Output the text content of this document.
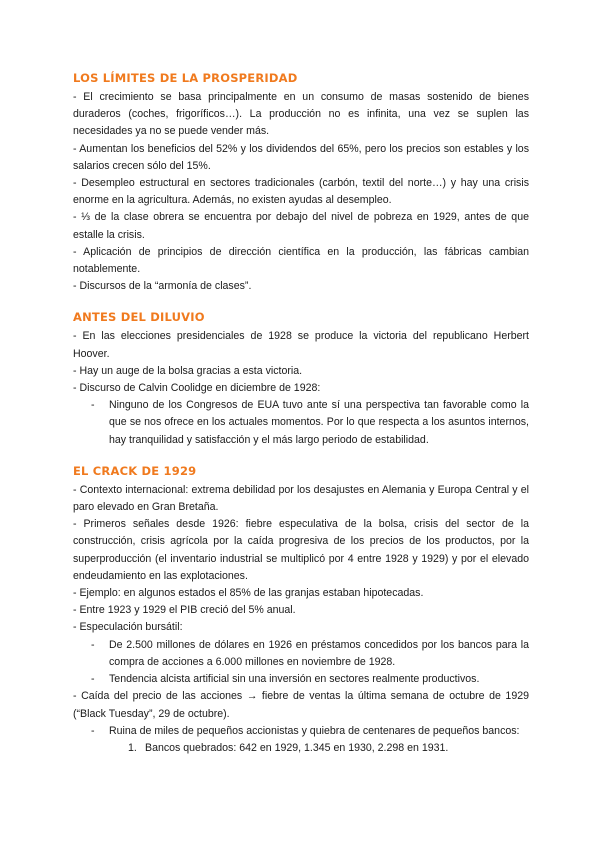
LOS LÍMITES DE LA PROSPERIDAD

- El crecimiento se basa principalmente en un consumo de masas sostenido de bienes duraderos (coches, frigoríficos…). La producción no es infinita, una vez se suplen las necesidades ya no se puede vender más.

- Aumentan los beneficios del 52% y los dividendos del 65%, pero los precios son estables y los salarios crecen sólo del 15%.

- Desempleo estructural en sectores tradicionales (carbón, textil del norte…) y hay una crisis enorme en la agricultura. Además, no existen ayudas al desempleo.

- ⅓ de la clase obrera se encuentra por debajo del nivel de pobreza en 1929, antes de que estalle la crisis.

- Aplicación de principios de dirección científica en la producción, las fábricas cambian notablemente.

- Discursos de la “armonía de clases”.

ANTES DEL DILUVIO

- En las elecciones presidenciales de 1928 se produce la victoria del republicano Herbert Hoover.

- Hay un auge de la bolsa gracias a esta victoria.

- Discurso de Calvin Coolidge en diciembre de 1928:

-	Ninguno de los Congresos de EUA tuvo ante sí una perspectiva tan favorable como la que se nos ofrece en los actuales momentos. Por lo que respecta a los asuntos internos, hay tranquilidad y satisfacción y el más largo periodo de estabilidad.
EL CRACK DE 1929

- Contexto internacional: extrema debilidad por los desajustes en Alemania y Europa Central y el paro elevado en Gran Bretaña.

- Primeros señales desde 1926: fiebre especulativa de la bolsa, crisis del sector de la construcción, crisis agrícola por la caída progresiva de los precios de los productos, por la superproducción (el inventario industrial se multiplicó por 4 entre 1928 y 1929) y por el elevado endeudamiento en las explotaciones.

- Ejemplo: en algunos estados el 85% de las granjas estaban hipotecadas.

- Entre 1923 y 1929 el PIB creció del 5% anual.

- Especulación bursátil:

-	De 2.500 millones de dólares en 1926 en préstamos concedidos por los bancos para la compra de acciones a 6.000 millones en noviembre de 1928.
-	Tendencia alcista artificial sin una inversión en sectores realmente productivos.

- Caída del precio de las acciones → fiebre de ventas la última semana de octubre de 1929 (“Black Tuesday”, 29 de octubre).

-	Ruina de miles de pequeños accionistas y quiebra de centenares de pequeños bancos:
1. Bancos quebrados: 642 en 1929, 1.345 en 1930, 2.298 en 1931.
